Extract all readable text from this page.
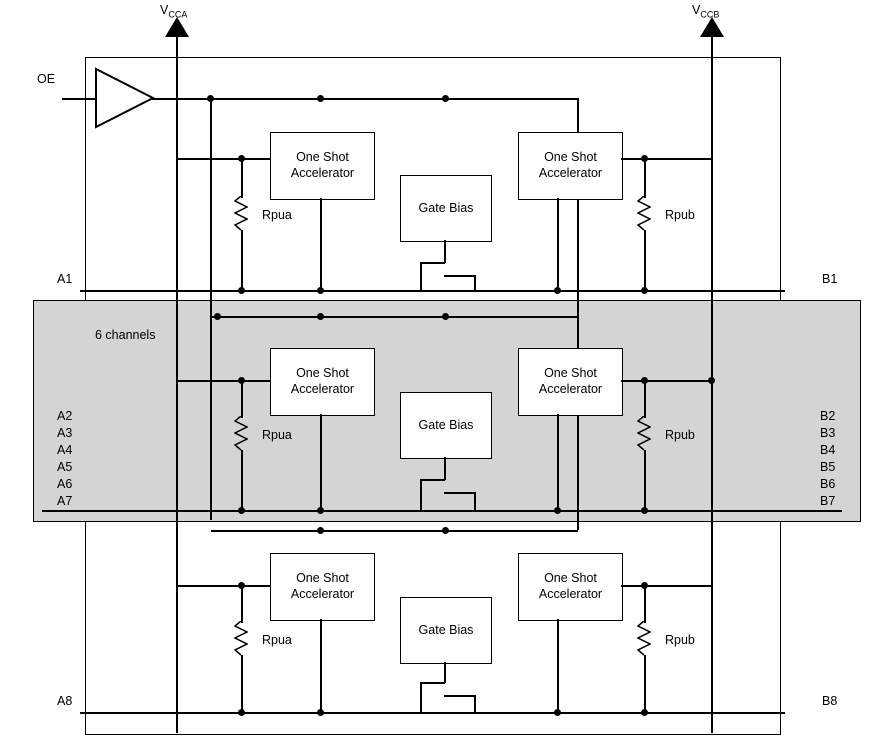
$V_{CCA}$	$V_{CCB}$
OE
One Shot
Accelerator
One Shot
Accelerator
Gate Bias
Rpua	Rpub
A1	B1
6 channels
One Shot
Accelerator
One Shot
Accelerator
Gate Bias
Rpua	Rpub
A2
A3
A4
A5
A6
A7
B2
B3
B4
B5
B6
B7
One Shot
Accelerator
One Shot
Accelerator
Gate Bias
Rpua	Rpub
A8	B8
